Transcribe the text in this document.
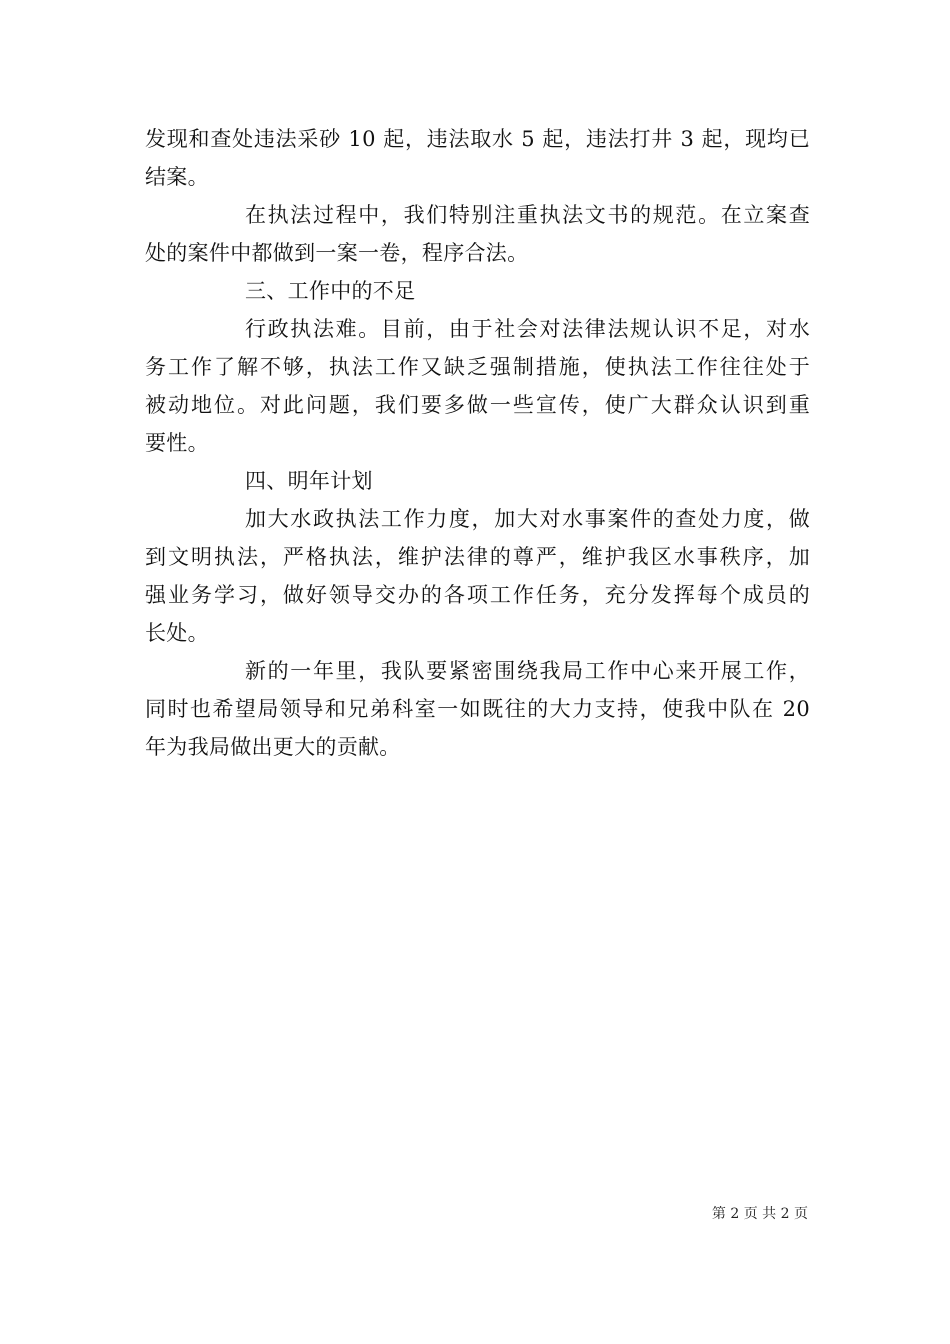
发现和查处违法采砂 10 起，违法取水 5 起，违法打井 3 起，现均已
结案。
在执法过程中，我们特别注重执法文书的规范。在立案查
处的案件中都做到一案一卷，程序合法。
三、工作中的不足
行政执法难。目前，由于社会对法律法规认识不足，对水
务工作了解不够，执法工作又缺乏强制措施，使执法工作往往处于
被动地位。对此问题，我们要多做一些宣传，使广大群众认识到重
要性。
四、明年计划
加大水政执法工作力度，加大对水事案件的查处力度，做
到文明执法，严格执法，维护法律的尊严，维护我区水事秩序，加
强业务学习，做好领导交办的各项工作任务，充分发挥每个成员的
长处。
新的一年里，我队要紧密围绕我局工作中心来开展工作，
同时也希望局领导和兄弟科室一如既往的大力支持，使我中队在 20
年为我局做出更大的贡献。
第 2 页 共 2 页
